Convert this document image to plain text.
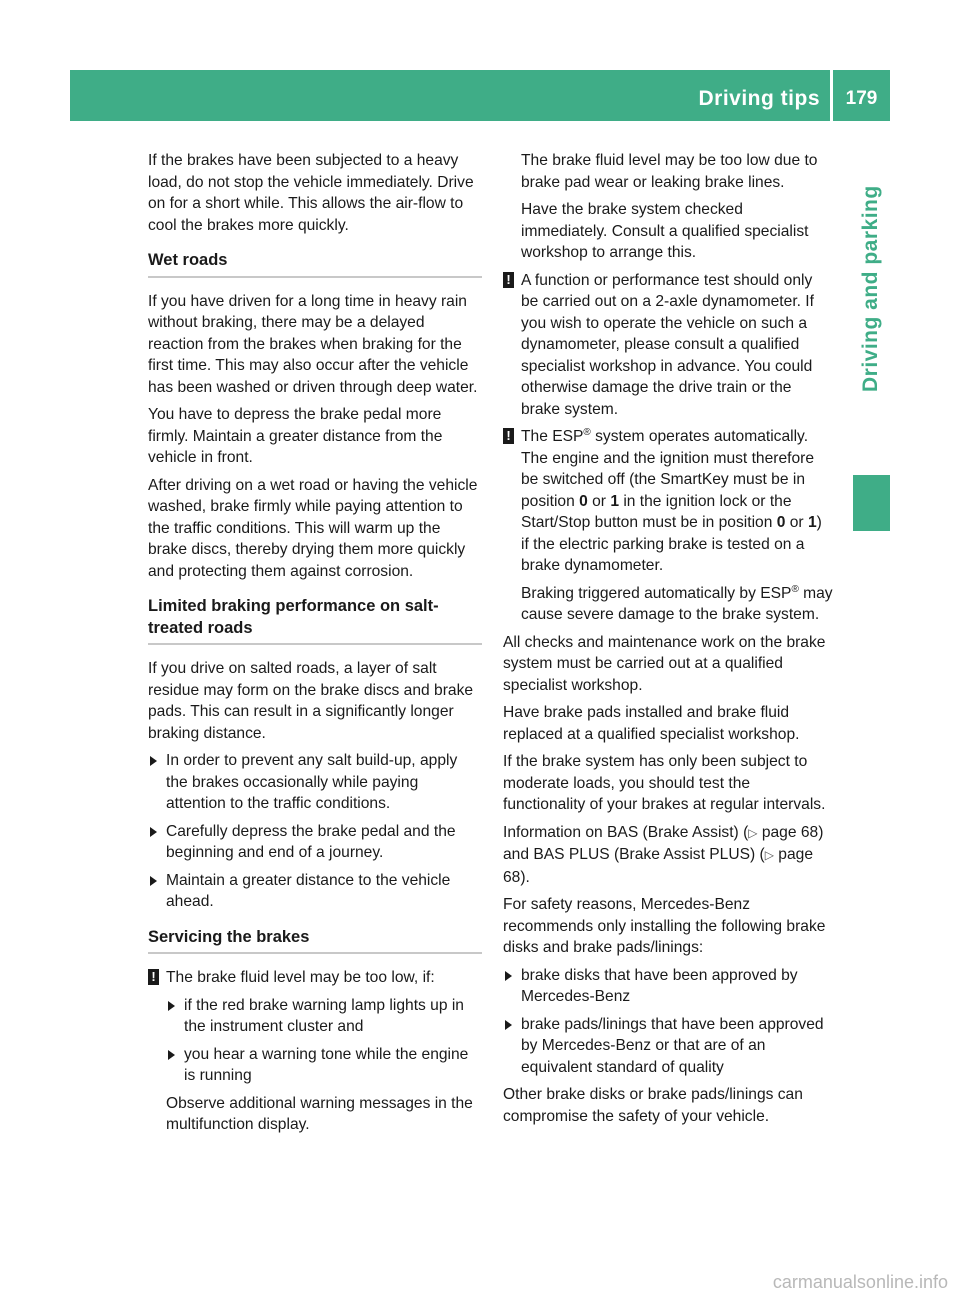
Driving tips	179
Driving and parking

If the brakes have been subjected to a heavy load, do not stop the vehicle immediately. Drive on for a short while. This allows the air-flow to cool the brakes more quickly.

Wet roads

If you have driven for a long time in heavy rain without braking, there may be a delayed reaction from the brakes when braking for the first time. This may also occur after the vehicle has been washed or driven through deep water.

You have to depress the brake pedal more firmly. Maintain a greater distance from the vehicle in front.

After driving on a wet road or having the vehicle washed, brake firmly while paying attention to the traffic conditions. This will warm up the brake discs, thereby drying them more quickly and protecting them against corrosion.

Limited braking performance on salt-treated roads

If you drive on salted roads, a layer of salt residue may form on the brake discs and brake pads. This can result in a significantly longer braking distance.

In order to prevent any salt build-up, apply the brakes occasionally while paying attention to the traffic conditions.
Carefully depress the brake pedal and the beginning and end of a journey.
Maintain a greater distance to the vehicle ahead.
Servicing the brakes
! The brake fluid level may be too low, if:
if the red brake warning lamp lights up in the instrument cluster and
you hear a warning tone while the engine is running

Observe additional warning messages in the multifunction display.

The brake fluid level may be too low due to brake pad wear or leaking brake lines.

Have the brake system checked immediately. Consult a qualified specialist workshop to arrange this.

! A function or performance test should only be carried out on a 2-axle dynamometer. If you wish to operate the vehicle on such a dynamometer, please consult a qualified specialist workshop in advance. You could otherwise damage the drive train or the brake system.
! The ESP® system operates automatically. The engine and the ignition must therefore be switched off (the SmartKey must be in position 0 or 1 in the ignition lock or the Start/Stop button must be in position 0 or 1) if the electric parking brake is tested on a brake dynamometer.

Braking triggered automatically by ESP® may cause severe damage to the brake system.

All checks and maintenance work on the brake system must be carried out at a qualified specialist workshop.

Have brake pads installed and brake fluid replaced at a qualified specialist workshop.

If the brake system has only been subject to moderate loads, you should test the functionality of your brakes at regular intervals.

Information on BAS (Brake Assist) (▷ page 68) and BAS PLUS (Brake Assist PLUS) (▷ page 68).

For safety reasons, Mercedes-Benz recommends only installing the following brake disks and brake pads/linings:

brake disks that have been approved by Mercedes-Benz
brake pads/linings that have been approved by Mercedes-Benz or that are of an equivalent standard of quality

Other brake disks or brake pads/linings can compromise the safety of your vehicle.

carmanualsonline.info
